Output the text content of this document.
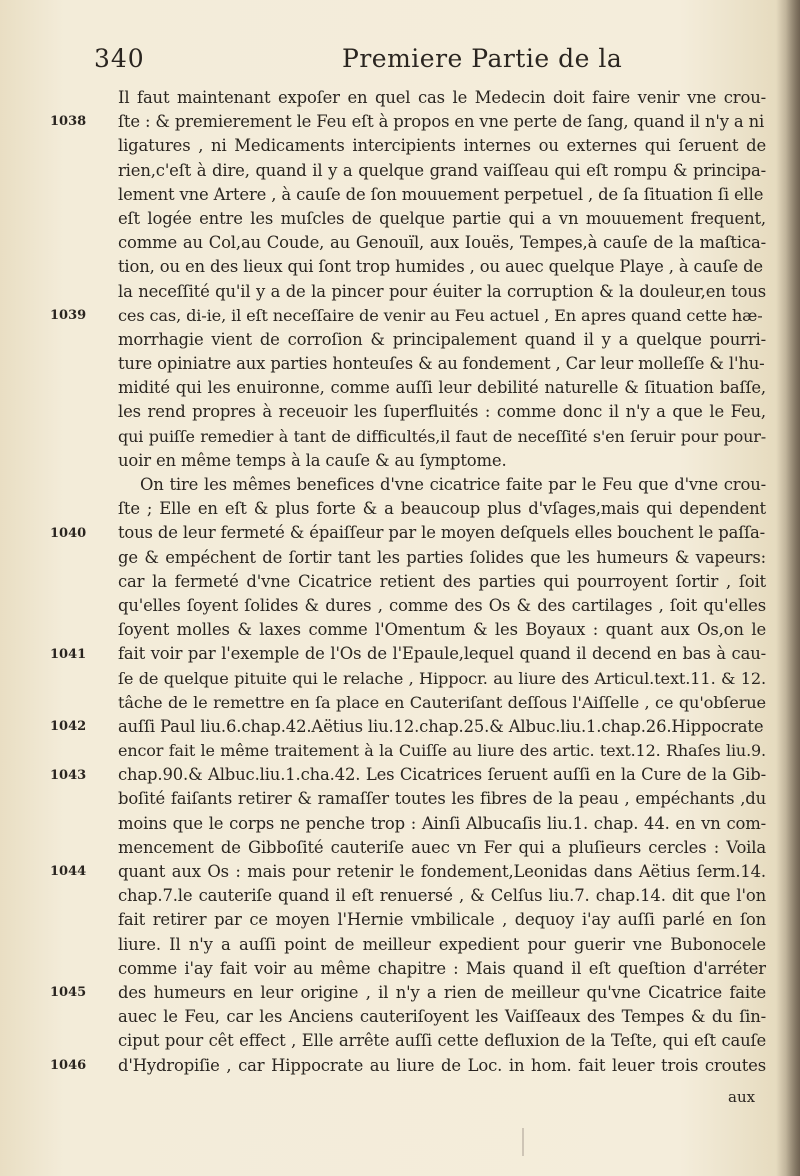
340	Premiere Partie de la
1038
1039
1040
1041
1042
1043
1044
1045
1046
Il faut maintenant expoſer en quel cas le Medecin doit faire venir vne crou-
ſte : & premierement le Feu eſt à propos en vne perte de ſang, quand il n'y a ni
ligatures , ni Medicaments intercipients internes ou externes qui ſeruent de
rien,c'eſt à dire, quand il y a quelque grand vaiſſeau qui eſt rompu & principa-
lement vne Artere , à cauſe de ſon mouuement perpetuel , de ſa ſituation ſi elle
eſt logée entre les muſcles de quelque partie qui a vn mouuement frequent,
comme au Col,au Coude, au Genouïl, aux Iouës, Tempes,à cauſe de la maſtica-
tion, ou en des lieux qui ſont trop humides , ou auec quelque Playe , à cauſe de
la neceſſité qu'il y a de la pincer pour éuiter la corruption & la douleur,en tous
ces cas, di-ie, il eſt neceſſaire de venir au Feu actuel , En apres quand cette hæ-
morrhagie vient de corroſion & principalement quand il y a quelque pourri-
ture opiniatre aux parties honteuſes & au fondement , Car leur molleſſe & l'hu-
midité qui les enuironne, comme auſſi leur debilité naturelle & ſituation baſſe,
les rend propres à receuoir les ſuperfluités : comme donc il n'y a que le Feu,
qui puiſſe remedier à tant de difficultés,il faut de neceſſité s'en ſeruir pour pour-
uoir en même temps à la cauſe & au ſymptome.
On tire les mêmes benefices d'vne cicatrice faite par le Feu que d'vne crou-
ſte ; Elle en eſt & plus forte & a beaucoup plus d'vſages,mais qui dependent
tous de leur fermeté & épaiſſeur par le moyen deſquels elles bouchent le paſſa-
ge & empéchent de ſortir tant les parties ſolides que les humeurs & vapeurs:
car la fermeté d'vne Cicatrice retient des parties qui pourroyent ſortir , ſoit
qu'elles ſoyent ſolides & dures , comme des Os & des cartilages , ſoit qu'elles
ſoyent molles & laxes comme l'Omentum & les Boyaux : quant aux Os,on le
fait voir par l'exemple de l'Os de l'Epaule,lequel quand il decend en bas à cau-
ſe de quelque pituite qui le relache , Hippocr. au liure des Articul.text.11. & 12.
tâche de le remettre en ſa place en Cauteriſant deſſous l'Aiſſelle , ce qu'obſerue
auſſi Paul liu.6.chap.42.Aëtius liu.12.chap.25.& Albuc.liu.1.chap.26.Hippocrate
encor fait le même traitement à la Cuiſſe au liure des artic. text.12. Rhaſes liu.9.
chap.90.& Albuc.liu.1.cha.42. Les Cicatrices ſeruent auſſi en la Cure de la Gib-
boſité faiſants retirer & ramaſſer toutes les fibres de la peau , empéchants ,du
moins que le corps ne penche trop : Ainſi Albucaſis liu.1. chap. 44. en vn com-
mencement de Gibboſité cauteriſe auec vn Fer qui a pluſieurs cercles : Voila
quant aux Os : mais pour retenir le fondement,Leonidas dans Aëtius ſerm.14.
chap.7.le cauteriſe quand il eſt renuersé , & Celſus liu.7. chap.14. dit que l'on
fait retirer par ce moyen l'Hernie vmbilicale , dequoy i'ay auſſi parlé en ſon
liure. Il n'y a auſſi point de meilleur expedient pour guerir vne Bubonocele
comme i'ay fait voir au même chapitre : Mais quand il eſt queſtion d'arréter
des humeurs en leur origine , il n'y a rien de meilleur qu'vne Cicatrice faite
auec le Feu, car les Anciens cauteriſoyent les Vaiſſeaux des Tempes & du ſin-
ciput pour cêt effect , Elle arrête auſſi cette defluxion de la Teſte, qui eſt cauſe
d'Hydropiſie , car Hippocrate au liure de Loc. in hom. fait leuer trois croutes
aux
